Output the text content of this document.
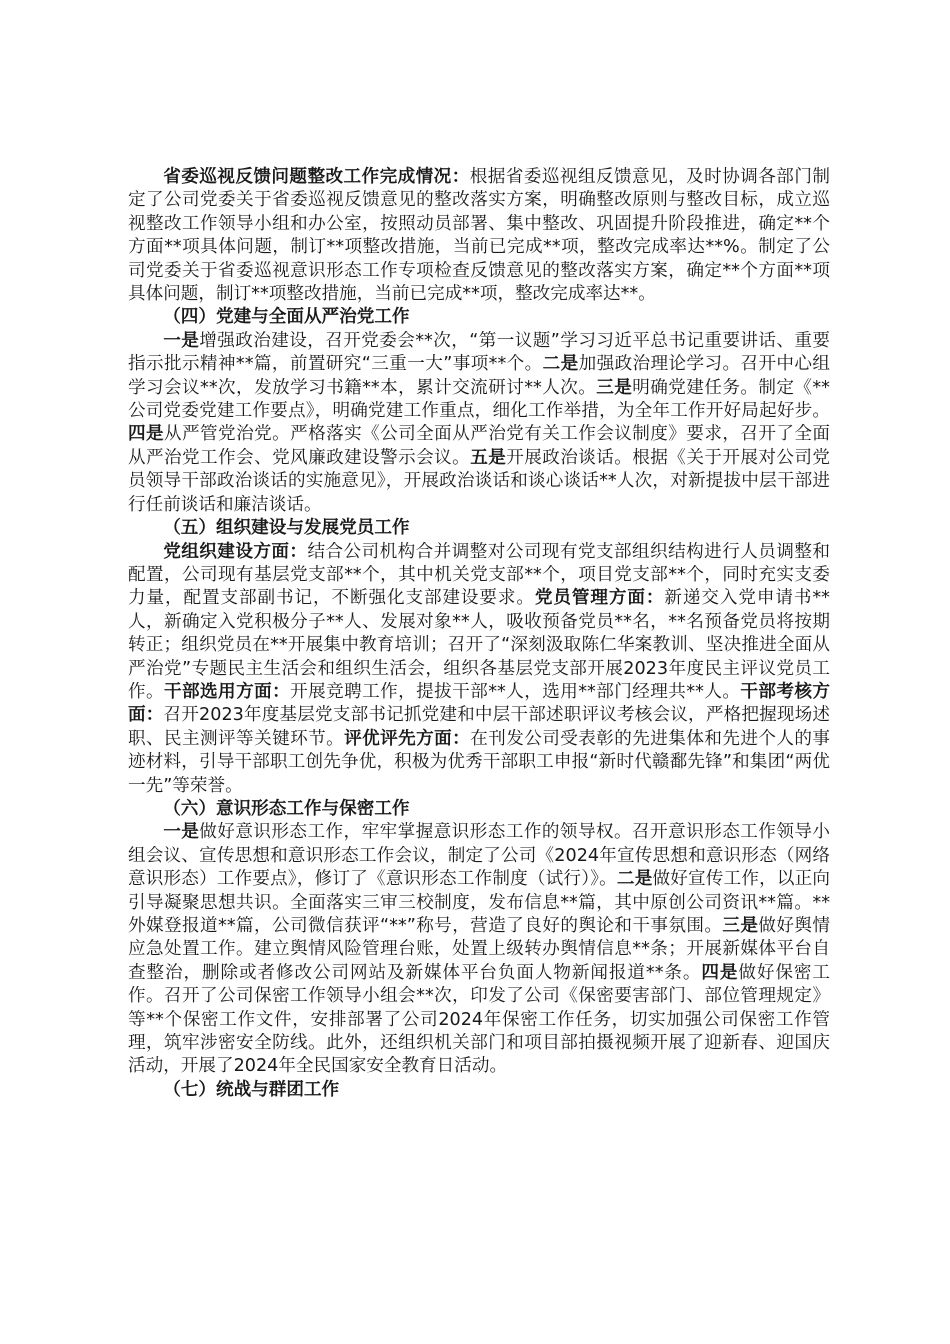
省委巡视反馈问题整改工作完成情况：根据省委巡视组反馈意见，及时协调各部门制定了公司党委关于省委巡视反馈意见的整改落实方案，明确整改原则与整改目标，成立巡视整改工作领导小组和办公室，按照动员部署、集中整改、巩固提升阶段推进，确定**个方面**项具体问题，制订**项整改措施，当前已完成**项，整改完成率达**%。制定了公司党委关于省委巡视意识形态工作专项检查反馈意见的整改落实方案，确定**个方面**项具体问题，制订**项整改措施，当前已完成**项，整改完成率达**。

（四）党建与全面从严治党工作

一是增强政治建设，召开党委会**次，“第一议题”学习习近平总书记重要讲话、重要指示批示精神**篇，前置研究“三重一大”事项**个。二是加强政治理论学习。召开中心组学习会议**次，发放学习书籍**本，累计交流研讨**人次。三是明确党建任务。制定《**公司党委党建工作要点》，明确党建工作重点，细化工作举措，为全年工作开好局起好步。四是从严管党治党。严格落实《公司全面从严治党有关工作会议制度》要求，召开了全面从严治党工作会、党风廉政建设警示会议。五是开展政治谈话。根据《关于开展对公司党员领导干部政治谈话的实施意见》，开展政治谈话和谈心谈话**人次，对新提拔中层干部进行任前谈话和廉洁谈话。

（五）组织建设与发展党员工作

党组织建设方面：结合公司机构合并调整对公司现有党支部组织结构进行人员调整和配置，公司现有基层党支部**个，其中机关党支部**个，项目党支部**个，同时充实支委力量，配置支部副书记，不断强化支部建设要求。党员管理方面：新递交入党申请书**人，新确定入党积极分子**人、发展对象**人，吸收预备党员**名，**名预备党员将按期转正；组织党员在**开展集中教育培训；召开了“深刻汲取陈仁华案教训、坚决推进全面从严治党”专题民主生活会和组织生活会，组织各基层党支部开展2023年度民主评议党员工作。干部选用方面：开展竞聘工作，提拔干部**人，选用**部门经理共**人。干部考核方面：召开2023年度基层党支部书记抓党建和中层干部述职评议考核会议，严格把握现场述职、民主测评等关键环节。评优评先方面：在刊发公司受表彰的先进集体和先进个人的事迹材料，引导干部职工创先争优，积极为优秀干部职工申报“新时代赣鄱先锋”和集团“两优一先”等荣誉。

（六）意识形态工作与保密工作

一是做好意识形态工作，牢牢掌握意识形态工作的领导权。召开意识形态工作领导小组会议、宣传思想和意识形态工作会议，制定了公司《2024年宣传思想和意识形态（网络意识形态）工作要点》，修订了《意识形态工作制度（试行）》。二是做好宣传工作，以正向引导凝聚思想共识。全面落实三审三校制度，发布信息**篇，其中原创公司资讯**篇。**外媒登报道**篇，公司微信获评“**”称号，营造了良好的舆论和干事氛围。三是做好舆情应急处置工作。建立舆情风险管理台账，处置上级转办舆情信息**条；开展新媒体平台自查整治，删除或者修改公司网站及新媒体平台负面人物新闻报道**条。四是做好保密工作。召开了公司保密工作领导小组会**次，印发了公司《保密要害部门、部位管理规定》等**个保密工作文件，安排部署了公司2024年保密工作任务，切实加强公司保密工作管理，筑牢涉密安全防线。此外，还组织机关部门和项目部拍摄视频开展了迎新春、迎国庆活动，开展了2024年全民国家安全教育日活动。

（七）统战与群团工作
